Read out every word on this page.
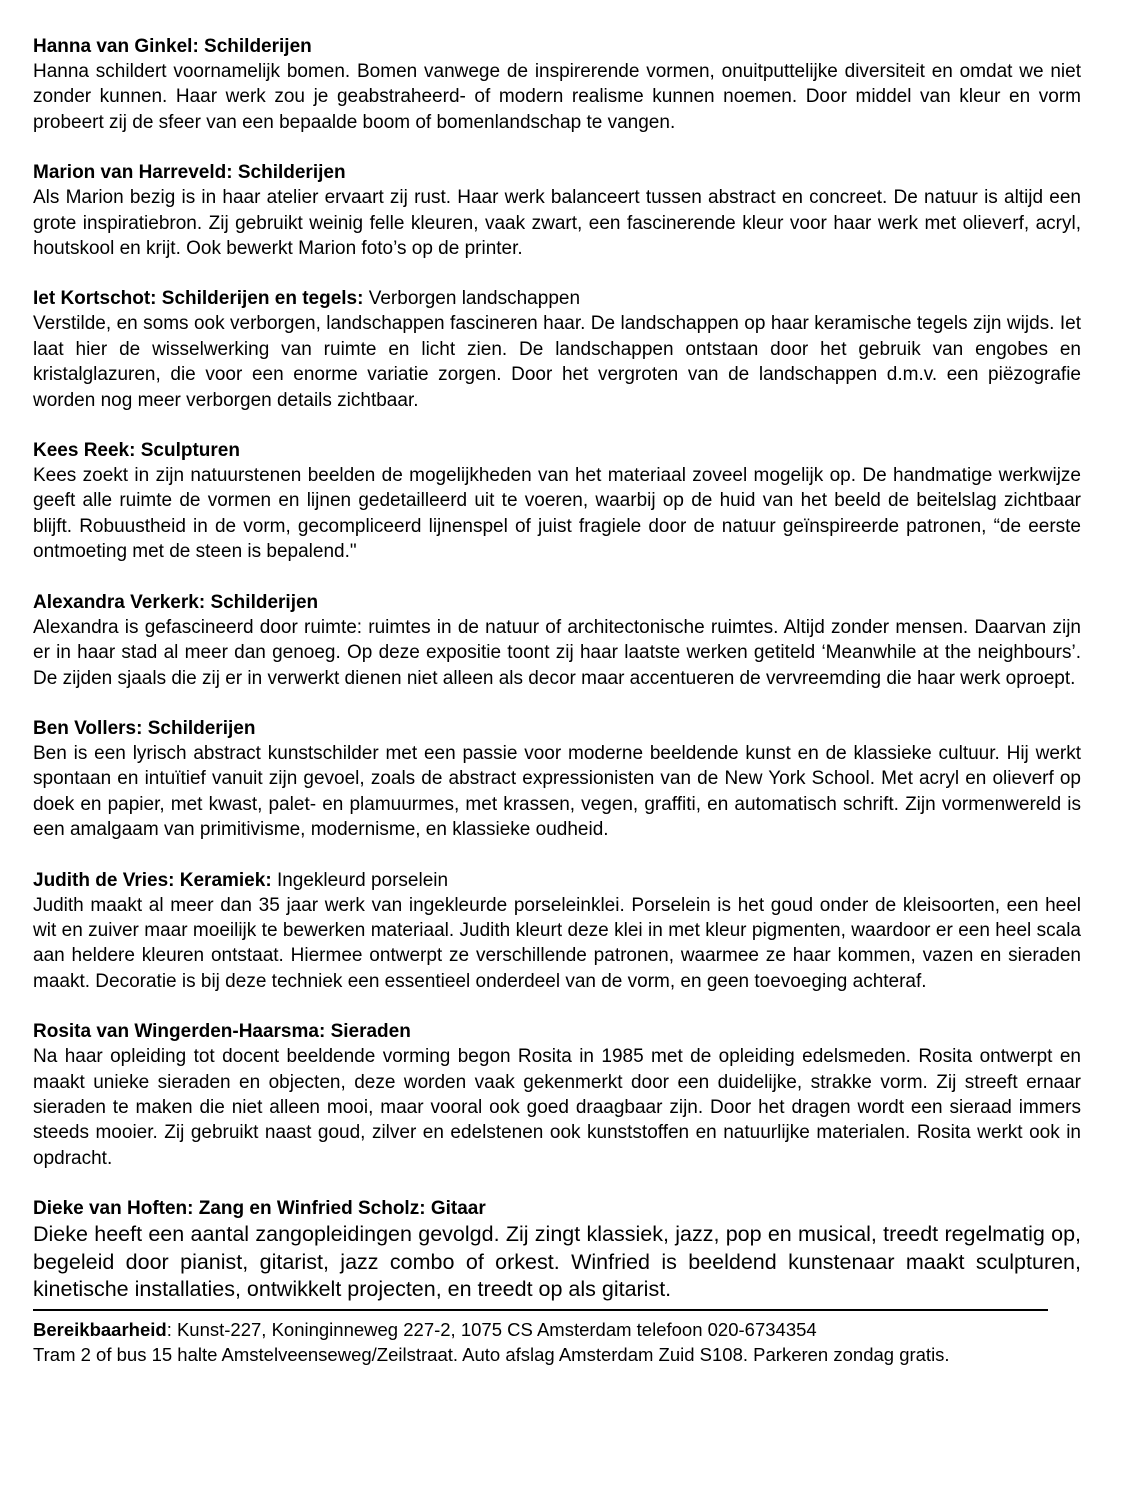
Hanna van Ginkel: Schilderijen

Hanna schildert voornamelijk bomen. Bomen vanwege de inspirerende vormen, onuitputtelijke diversiteit en omdat we niet zonder kunnen. Haar werk zou je geabstraheerd- of modern realisme kunnen noemen. Door middel van kleur en vorm probeert zij de sfeer van een bepaalde boom of bomenlandschap te vangen.

Marion van Harreveld: Schilderijen

Als Marion bezig is in haar atelier ervaart zij rust. Haar werk balanceert tussen abstract en concreet. De natuur is altijd een grote inspiratiebron. Zij gebruikt weinig felle kleuren, vaak zwart, een fascinerende kleur voor haar werk met olieverf, acryl, houtskool en krijt. Ook bewerkt Marion foto’s op de printer.

Iet Kortschot: Schilderijen en tegels: Verborgen landschappen

Verstilde, en soms ook verborgen, landschappen fascineren haar. De landschappen op haar keramische tegels zijn wijds. Iet laat hier de wisselwerking van ruimte en licht zien. De landschappen ontstaan door het gebruik van engobes en kristalglazuren, die voor een enorme variatie zorgen. Door het vergroten van de landschappen d.m.v. een piëzografie worden nog meer verborgen details zichtbaar.

Kees Reek: Sculpturen

Kees zoekt in zijn natuurstenen beelden de mogelijkheden van het materiaal zoveel mogelijk op. De handmatige werkwijze geeft alle ruimte de vormen en lijnen gedetailleerd uit te voeren, waarbij op de huid van het beeld de beitelslag zichtbaar blijft. Robuustheid in de vorm, gecompliceerd lijnenspel of juist fragiele door de natuur geïnspireerde patronen, “de eerste ontmoeting met de steen is bepalend."

Alexandra Verkerk: Schilderijen

Alexandra is gefascineerd door ruimte: ruimtes in de natuur of architectonische ruimtes. Altijd zonder mensen. Daarvan zijn er in haar stad al meer dan genoeg. Op deze expositie toont zij haar laatste werken getiteld ‘Meanwhile at the neighbours’. De zijden sjaals die zij er in verwerkt dienen niet alleen als decor maar accentueren de vervreemding die haar werk oproept.

Ben Vollers: Schilderijen

Ben is een lyrisch abstract kunstschilder met een passie voor moderne beeldende kunst en de klassieke cultuur. Hij werkt spontaan en intuïtief vanuit zijn gevoel, zoals de abstract expressionisten van de New York School. Met acryl en olieverf op doek en papier, met kwast, palet- en plamuurmes, met krassen, vegen, graffiti, en automatisch schrift. Zijn vormenwereld is een amalgaam van primitivisme, modernisme, en klassieke oudheid.

Judith de Vries: Keramiek: Ingekleurd porselein

Judith maakt al meer dan 35 jaar werk van ingekleurde porseleinklei. Porselein is het goud onder de kleisoorten, een heel wit en zuiver maar moeilijk te bewerken materiaal. Judith kleurt deze klei in met kleur pigmenten, waardoor er een heel scala aan heldere kleuren ontstaat. Hiermee ontwerpt ze verschillende patronen, waarmee ze haar kommen, vazen en sieraden maakt. Decoratie is bij deze techniek een essentieel onderdeel van de vorm, en geen toevoeging achteraf.

Rosita van Wingerden-Haarsma: Sieraden

Na haar opleiding tot docent beeldende vorming begon Rosita in 1985 met de opleiding edelsmeden. Rosita ontwerpt en maakt unieke sieraden en objecten, deze worden vaak gekenmerkt door een duidelijke, strakke vorm. Zij streeft ernaar sieraden te maken die niet alleen mooi, maar vooral ook goed draagbaar zijn. Door het dragen wordt een sieraad immers steeds mooier. Zij gebruikt naast goud, zilver en edelstenen ook kunststoffen en natuurlijke materialen. Rosita werkt ook in opdracht.

Dieke van Hoften: Zang en Winfried Scholz: Gitaar

Dieke heeft een aantal zangopleidingen gevolgd. Zij zingt klassiek, jazz, pop en musical, treedt regelmatig op, begeleid door pianist, gitarist, jazz combo of orkest. Winfried is beeldend kunstenaar maakt sculpturen, kinetische installaties, ontwikkelt projecten, en treedt op als gitarist.

Bereikbaarheid: Kunst-227, Koninginneweg 227-2, 1075 CS Amsterdam telefoon 020-6734354

Tram 2 of bus 15 halte Amstelveenseweg/Zeilstraat. Auto afslag Amsterdam Zuid S108. Parkeren zondag gratis.
